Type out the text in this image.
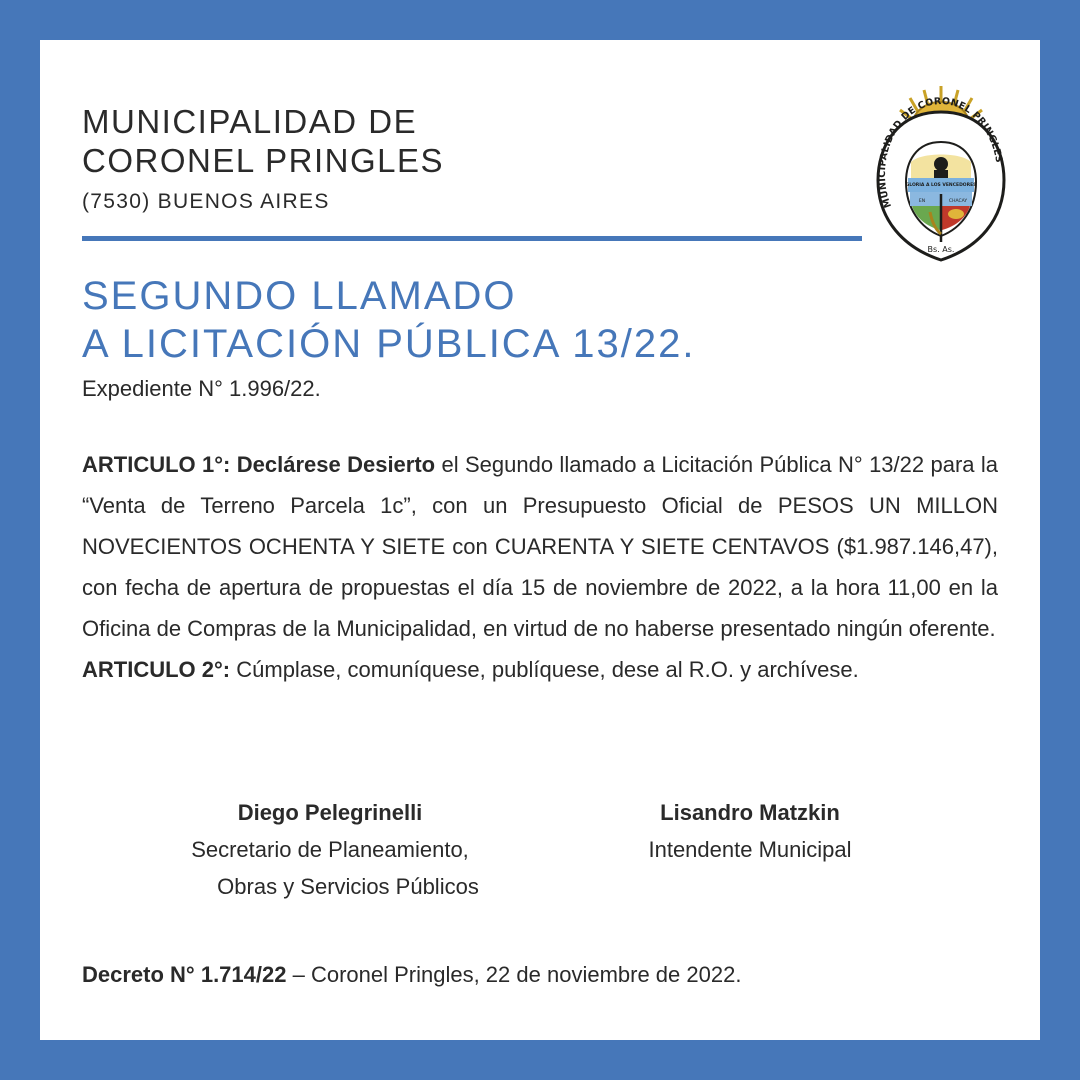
MUNICIPALIDAD DE
CORONEL PRINGLES
(7530) BUENOS AIRES	MUNICIPALIDAD DE CORONEL PRINGLES
GLORIA A LOS VENCEDORES
EN	CHACAY
Bs. As.
SEGUNDO LLAMADO
A LICITACIÓN PÚBLICA 13/22.
Expediente N° 1.996/22.

ARTICULO 1°: Declárese Desierto el Segundo llamado a Licitación Pública N° 13/22 para la “Venta de Terreno Parcela 1c”, con un Presupuesto Oficial de PESOS UN MILLON NOVECIENTOS OCHENTA Y SIETE con CUARENTA Y SIETE CENTAVOS ($1.987.146,47), con fecha de apertura de propuestas el día 15 de noviembre de 2022, a la hora 11,00 en la Oficina de Compras de la Municipalidad, en virtud de no haberse presentado ningún oferente.

ARTICULO 2°: Cúmplase, comuníquese, publíquese, dese al R.O. y archívese.

Diego Pelegrinelli
Secretario de Planeamiento,
Obras y Servicios Públicos
Lisandro Matzkin
Intendente Municipal
Decreto N° 1.714/22 – Coronel Pringles, 22 de noviembre de 2022.
